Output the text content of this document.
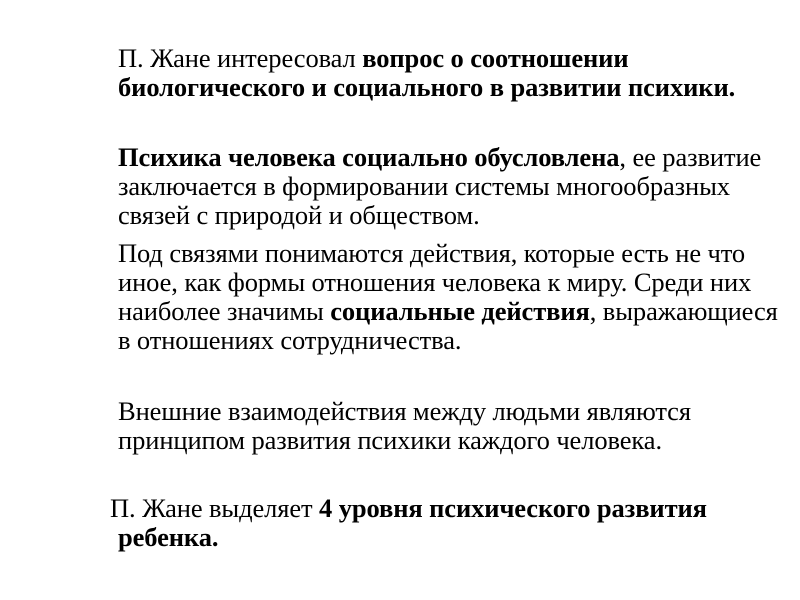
П. Жане интересовал вопрос о соотношении биологического и социального в развитии психики.

Психика человека социально обусловлена, ее развитие заключается в формировании системы многообразных связей с природой и обществом.

Под связями понимаются действия, которые есть не что иное, как формы отношения человека к миру. Среди них наиболее значимы социальные действия, выражающиеся в отношениях сотрудничества.

Внешние взаимодействия между людьми являются принципом развития психики каждого человека.

П. Жане выделяет 4 уровня психического развития ребенка.
